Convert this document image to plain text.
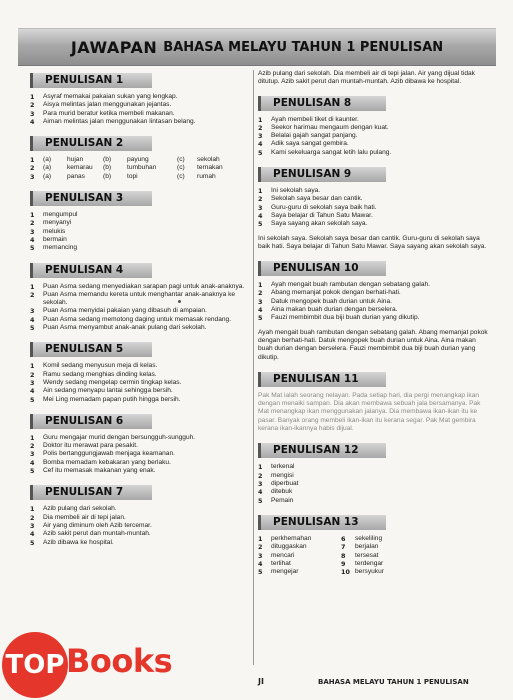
JAWAPAN BAHASA MELAYU TAHUN 1 PENULISAN
PENULISAN 1
1	Asyraf memakai pakaian sukan yang lengkap.
2	Aisya melintas jalan menggunakan jejantas.
3	Para murid beratur ketika membeli makanan.
4	Aiman melintas jalan menggunakan lintasan belang.
PENULISAN 2
1	(a)	hujan	(b)	payung	(c)	sekolah
2	(a)	kemarau	(b)	tumbuhan	(c)	ternakan
3	(a)	panas	(b)	topi	(c)	rumah
PENULISAN 3
1	mengumpul
2	menyanyi
3	melukis
4	bermain
5	memancing
PENULISAN 4
1	Puan Asma sedang menyediakan sarapan pagi untuk anak-anaknya.
2	Puan Asma memandu kereta untuk menghantar anak-anaknya ke sekolah.
3	Puan Asma menyidai pakaian yang dibasuh di ampaian.
4	Puan Asma sedang memotong daging untuk memasak rendang.
5	Puan Asma menyambut anak-anak pulang dari sekolah.
PENULISAN 5
1	Komil sedang menyusun meja di kelas.
2	Ramu sedang menghias dinding kelas.
3	Wendy sedang mengelap cermin tingkap kelas.
4	Ain sedang menyapu lantai sehingga bersih.
5	Mei Ling memadam papan putih hingga bersih.
PENULISAN 6
1	Guru mengajar murid dengan bersungguh-sungguh.
2	Doktor itu merawat para pesakit.
3	Polis bertanggungjawab menjaga keamanan.
4	Bomba memadam kebakaran yang berlaku.
5	Cef itu memasak makanan yang enak.
PENULISAN 7
1	Azib pulang dari sekolah.
2	Dia membeli air di tepi jalan.
3	Air yang diminum oleh Azib tercemar.
4	Azib sakit perut dan muntah-muntah.
5	Azib dibawa ke hospital.
Azib pulang dari sekolah. Dia membeli air di tepi jalan. Air yang dijual tidak ditutup. Azib sakit perut dan muntah-muntah. Azib dibawa ke hospital.
PENULISAN 8
1	Ayah membeli tiket di kaunter.
2	Seekor harimau mengaum dengan kuat.
3	Belalai gajah sangat panjang.
4	Adik saya sangat gembira.
5	Kami sekeluarga sangat letih lalu pulang.
PENULISAN 9
1	Ini sekolah saya.
2	Sekolah saya besar dan cantik.
3	Guru-guru di sekolah saya baik hati.
4	Saya belajar di Tahun Satu Mawar.
5	Saya sayang akan sekolah saya.
Ini sekolah saya. Sekolah saya besar dan cantik. Guru-guru di sekolah saya baik hati. Saya belajar di Tahun Satu Mawar. Saya sayang akan sekolah saya.
PENULISAN 10
1	Ayah mengait buah rambutan dengan sebatang galah.
2	Abang memanjat pokok dengan berhati-hati.
3	Datuk mengopek buah durian untuk Aina.
4	Aina makan buah durian dengan berselera.
5	Fauzi membimbit dua biji buah durian yang dikutip.
Ayah mengait buah rambutan dengan sebatang galah. Abang memanjat pokok dengan berhati-hati. Datuk mengopek buah durian untuk Aina. Aina makan buah durian dengan berselera. Fauzi membimbit dua biji buah durian yang dikutip.
PENULISAN 11
Pak Mat ialah seorang nelayan. Pada setiap hari, dia pergi menangkap ikan dengan menaiki sampan. Dia akan membawa sebuah jala bersamanya. Pak Mat menangkap ikan menggunakan jalanya. Dia membawa ikan-ikan itu ke pasar. Banyak orang membeli ikan-ikan itu kerana segar. Pak Mat gembira kerana ikan-ikannya habis dijual.
PENULISAN 12
1	terkenal
2	mengisi
3	diperbuat
4	ditebuk
5	Pemain
PENULISAN 13
1	perkhemahan	6	sekeliling
2	dituggaskan	7	berjalan
3	mencari	8	tersesat
4	terlihat	9	terdengar
5	mengejar	10 bersyukur
JI	BAHASA MELAYU TAHUN 1 PENULISAN
TOP Books
